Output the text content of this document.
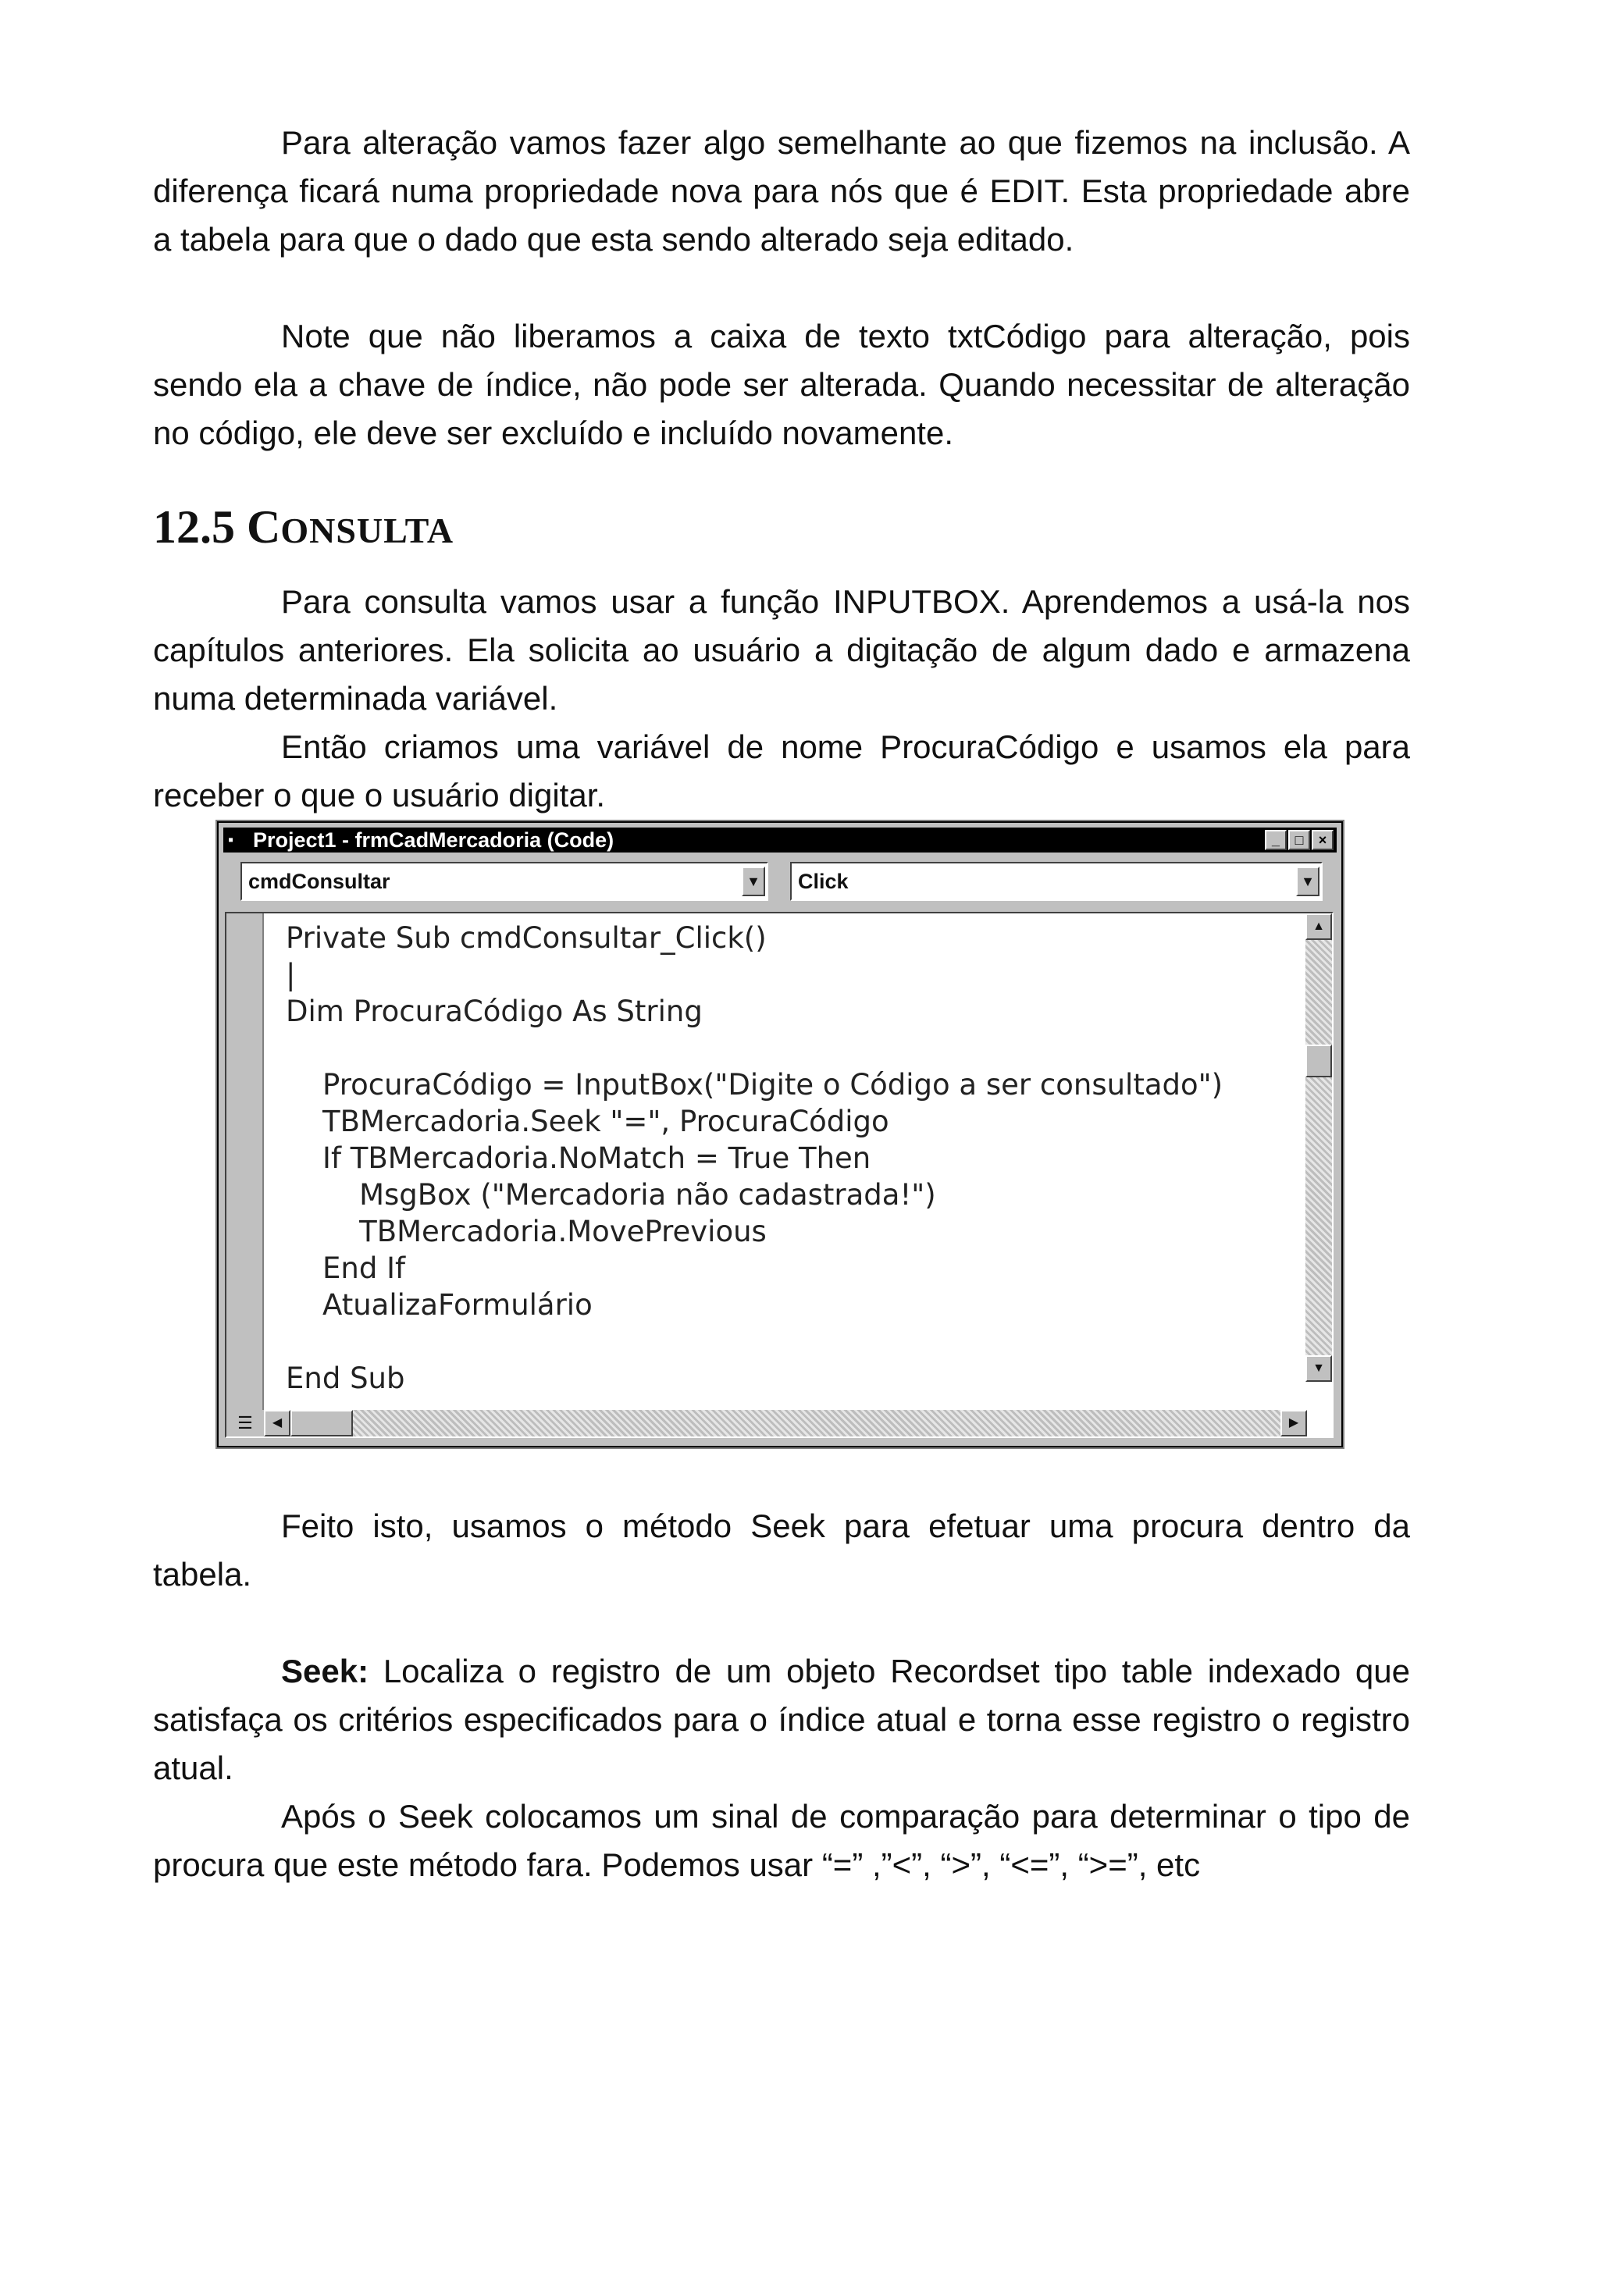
Para alteração vamos fazer algo semelhante ao que fizemos na inclusão. A diferença ficará numa propriedade nova para nós que é EDIT. Esta propriedade abre a tabela para que o dado que esta sendo alterado seja editado.

Note que não liberamos a caixa de texto txtCódigo para alteração, pois sendo ela a chave de índice, não pode ser alterada. Quando necessitar de alteração no código, ele deve ser excluído e incluído novamente.

12.5 CONSULTA

Para consulta vamos usar a função INPUTBOX. Aprendemos a usá-la nos capítulos anteriores. Ela solicita ao usuário a digitação de algum dado e armazena numa determinada variável.

Então criamos uma variável de nome ProcuraCódigo e usamos ela para receber o que o usuário digitar.

▪ Project1 - frmCadMercadoria (Code)	_	□	×
cmdConsultar	▼ Click	▼
Private Sub cmdConsultar_Click()
|
Dim ProcuraCódigo As String

ProcuraCódigo = InputBox("Digite o Código a ser consultado")
TBMercadoria.Seek "=", ProcuraCódigo
If TBMercadoria.NoMatch = True Then
MsgBox ("Mercadoria não cadastrada!")
TBMercadoria.MovePrevious
End If
AtualizaFormulário

End Sub
▲
▼
☰	◀	▶

Feito isto, usamos o método Seek para efetuar uma procura dentro da tabela.

Seek: Localiza o registro de um objeto Recordset tipo table indexado que satisfaça os critérios especificados para o índice atual e torna esse registro o registro atual.

Após o Seek colocamos um sinal de comparação para determinar o tipo de procura que este método fara. Podemos usar “=” ,”<”, “>”, “<=”, “>=”, etc
